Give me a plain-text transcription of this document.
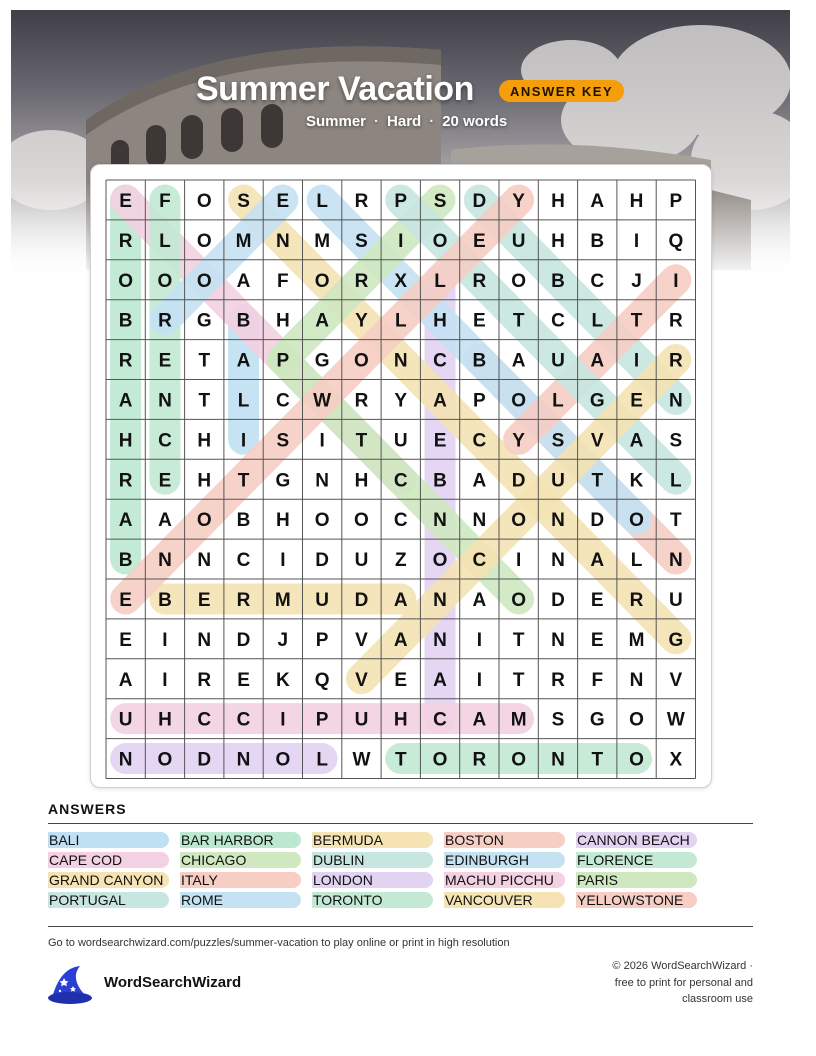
Summer Vacation	ANSWER KEY
Summer · Hard · 20 words
E F O S E L R P S D Y H A H P
R L O M N M S I O E U H B I Q
O O O A F O R X L R O B C J I
B R G B H A Y L H E T C L T R
R E T A P G O N C B A U A I R
A N T L C W R Y A P O L G E N
H C H I S I T U E C Y S V A S
R E H T G N H C B A D U T K L
A A O B H O O C N N O N D O T
B N N C I D U Z O C I N A L N
E B E R M U D A N A O D E R U
E I N D J P V A N I T N E M G
A I R E K Q V E A I T R F N V
U H C C I P U H C A M S G O W
N O D N O L W T O R O N T O X
ANSWERS
BALI	BAR HARBOR	BERMUDA	BOSTON	CANNON BEACH
CAPE COD	CHICAGO	DUBLIN	EDINBURGH	FLORENCE
GRAND CANYON	ITALY	LONDON	MACHU PICCHU	PARIS
PORTUGAL	ROME	TORONTO	VANCOUVER	YELLOWSTONE
Go to wordsearchwizard.com/puzzles/summer-vacation to play online or print in high resolution
WordSearchWizard
© 2026 WordSearchWizard · free to print for personal and classroom use
